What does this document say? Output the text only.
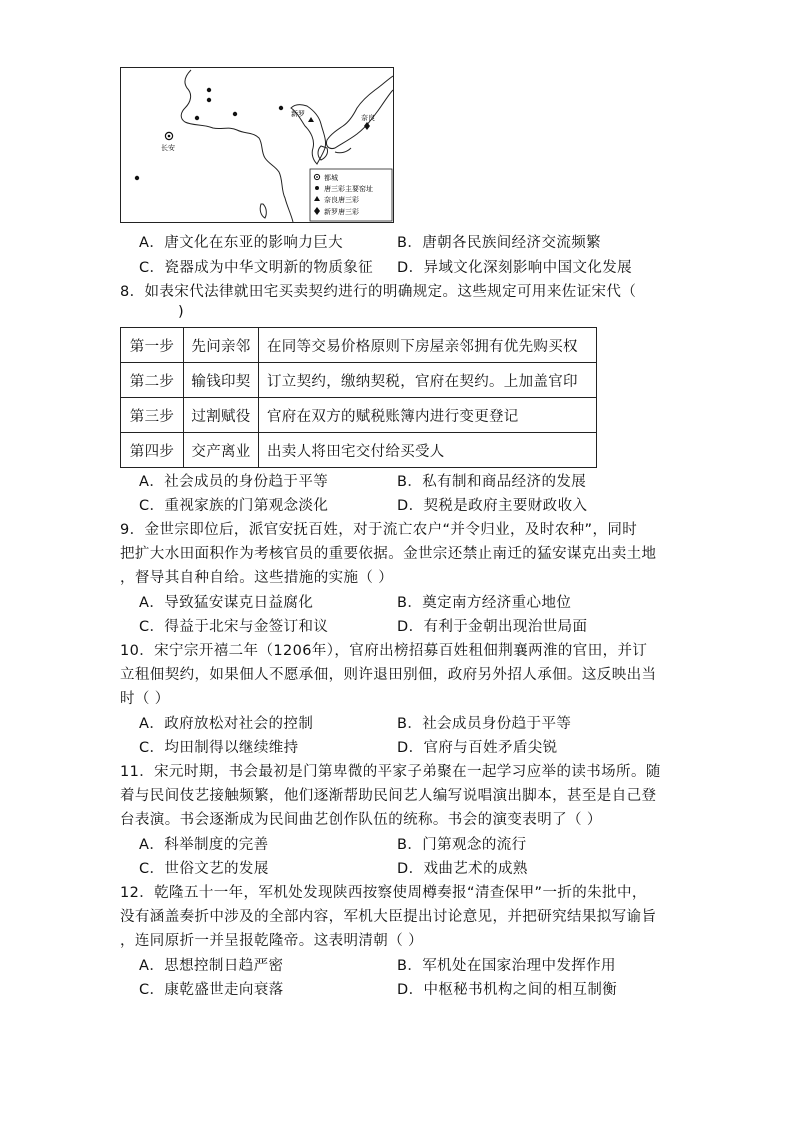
长安
新罗	奈良
都城
唐三彩主要窑址
奈良唐三彩
新罗唐三彩
A．唐文化在东亚的影响力巨大	B．唐朝各民族间经济交流频繁
C．瓷器成为中华文明新的物质象征 D．异域文化深刻影响中国文化发展
8．如表宋代法律就田宅买卖契约进行的明确规定。这些规定可用来佐证宋代（
)
第一步	先问亲邻	在同等交易价格原则下房屋亲邻拥有优先购买权
第二步	输钱印契	订立契约，缴纳契税，官府在契约。上加盖官印
第三步	过割赋役	官府在双方的赋税账簿内进行变更登记
第四步	交产离业	出卖人将田宅交付给买受人
A．社会成员的身份趋于平等	B．私有制和商品经济的发展
C．重视家族的门第观念淡化	D．契税是政府主要财政收入
9．金世宗即位后，派官安抚百姓，对于流亡农户“并令归业，及时农种”，同时
把扩大水田面积作为考核官员的重要依据。金世宗还禁止南迁的猛安谋克出卖土地
，督导其自种自给。这些措施的实施（ ）
A．导致猛安谋克日益腐化	B．奠定南方经济重心地位
C．得益于北宋与金签订和议	D．有利于金朝出现治世局面
10．宋宁宗开禧二年（1206年），官府出榜招募百姓租佃荆襄两淮的官田，并订
立租佃契约，如果佃人不愿承佃，则许退田别佃，政府另外招人承佃。这反映出当
时（ ）
A．政府放松对社会的控制	B．社会成员身份趋于平等
C．均田制得以继续维持	D．官府与百姓矛盾尖锐
11．宋元时期，书会最初是门第卑微的平家子弟聚在一起学习应举的读书场所。随
着与民间伎艺接触频繁，他们逐渐帮助民间艺人编写说唱演出脚本，甚至是自己登
台表演。书会逐渐成为民间曲艺创作队伍的统称。书会的演变表明了（ ）
A．科举制度的完善	B．门第观念的流行
C．世俗文艺的发展	D．戏曲艺术的成熟
12．乾隆五十一年，军机处发现陕西按察使周樽奏报“清查保甲”一折的朱批中，
没有涵盖奏折中涉及的全部内容，军机大臣提出讨论意见，并把研究结果拟写谕旨
，连同原折一并呈报乾隆帝。这表明清朝（ ）
A．思想控制日趋严密	B．军机处在国家治理中发挥作用
C．康乾盛世走向衰落	D．中枢秘书机构之间的相互制衡
